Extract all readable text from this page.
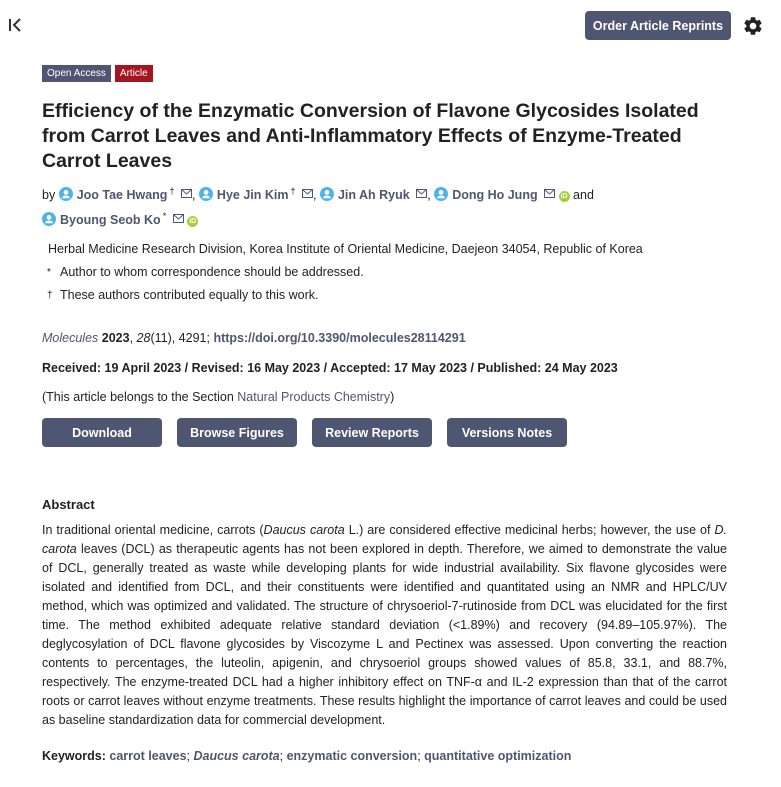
Order Article Reprints
Open Access	Article
Efficiency of the Enzymatic Conversion of Flavone Glycosides Isolated from Carrot Leaves and Anti-Inflammatory Effects of Enzyme-Treated Carrot Leaves
by Joo Tae Hwang † , Hye Jin Kim † , Jin Ah Ryuk , Dong Ho Jung	iD and
Byoung Seob Ko *  iD
Herbal Medicine Research Division, Korea Institute of Oriental Medicine, Daejeon 34054, Republic of Korea
* Author to whom correspondence should be addressed.
† These authors contributed equally to this work.
Molecules 2023, 28(11), 4291; https://doi.org/10.3390/molecules28114291
Received: 19 April 2023 / Revised: 16 May 2023 / Accepted: 17 May 2023 / Published: 24 May 2023
(This article belongs to the Section Natural Products Chemistry)
Download	Browse Figures	Review Reports	Versions Notes
Abstract

In traditional oriental medicine, carrots (Daucus carota L.) are considered effective medicinal herbs; however, the use of D. carota leaves (DCL) as therapeutic agents has not been explored in depth. Therefore, we aimed to demonstrate the value of DCL, generally treated as waste while developing plants for wide industrial availability. Six flavone glycosides were isolated and identified from DCL, and their constituents were identified and quantitated using an NMR and HPLC/UV method, which was optimized and validated. The structure of chrysoeriol-7-rutinoside from DCL was elucidated for the first time. The method exhibited adequate relative standard deviation (<1.89%) and recovery (94.89–105.97%). The deglycosylation of DCL flavone glycosides by Viscozyme L and Pectinex was assessed. Upon converting the reaction contents to percentages, the luteolin, apigenin, and chrysoeriol groups showed values of 85.8, 33.1, and 88.7%, respectively. The enzyme-treated DCL had a higher inhibitory effect on TNF-α and IL-2 expression than that of the carrot roots or carrot leaves without enzyme treatments. These results highlight the importance of carrot leaves and could be used as baseline standardization data for commercial development.

Keywords: carrot leaves; Daucus carota; enzymatic conversion; quantitative optimization
